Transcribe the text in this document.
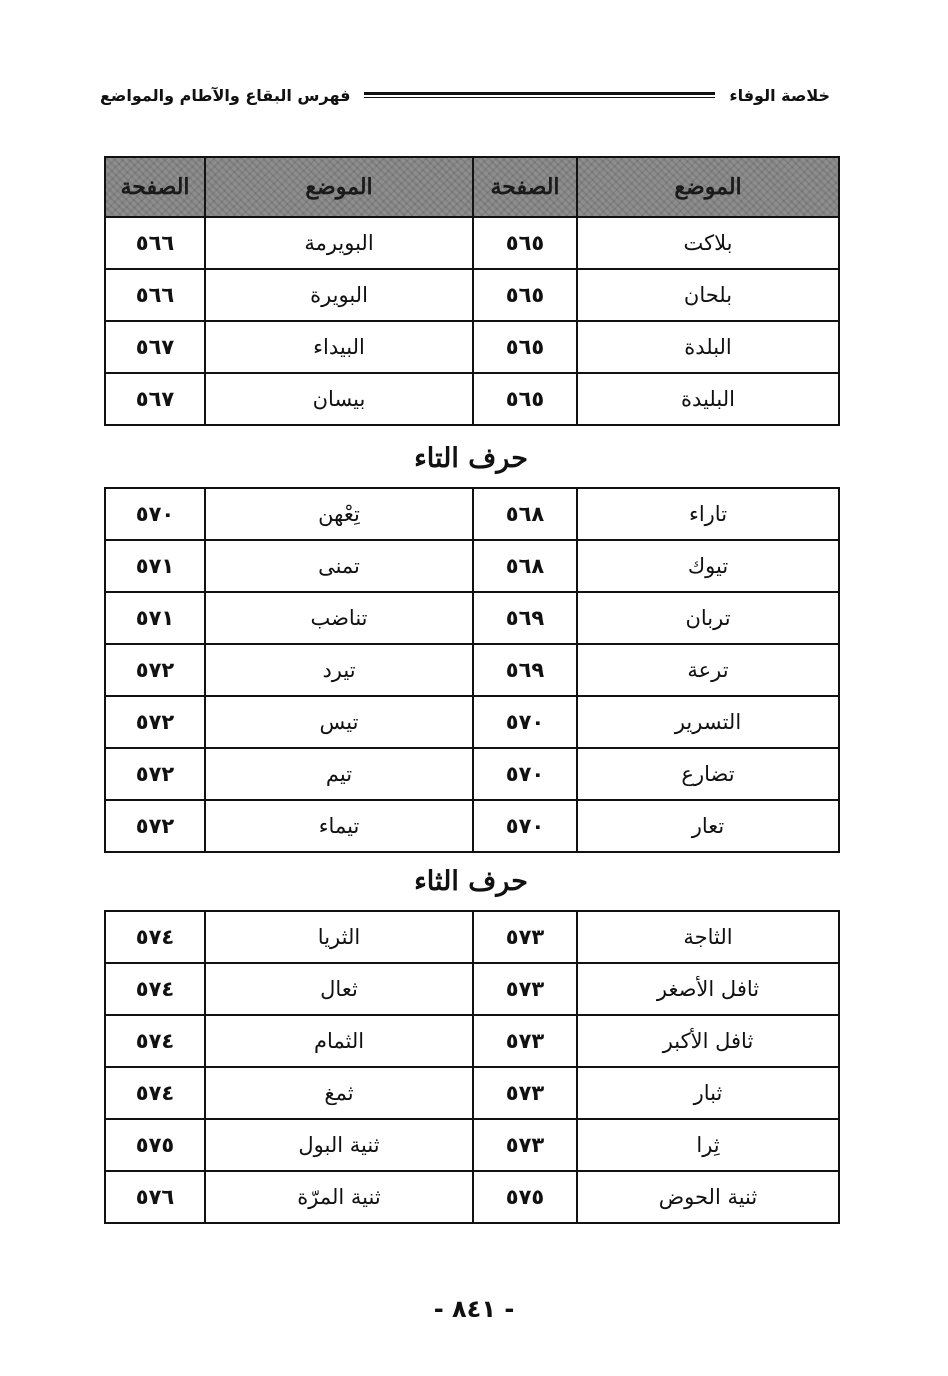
خلاصة الوفاء
فهرس البقاع والآطام والمواضع
الموضع	الصفحة	الموضع	الصفحة
بلاكت	٥٦٥	البويرمة	٥٦٦
بلحان	٥٦٥	البويرة	٥٦٦
البلدة	٥٦٥	البيداء	٥٦٧
البليدة	٥٦٥	بيسان	٥٦٧
حرف التاء
تاراء	٥٦٨	تِعْهن	٥٧٠
تيوك	٥٦٨	تمنى	٥٧١
تربان	٥٦٩	تناضب	٥٧١
ترعة	٥٦٩	تيرد	٥٧٢
التسرير	٥٧٠	تيس	٥٧٢
تضارع	٥٧٠	تيم	٥٧٢
تعار	٥٧٠	تيماء	٥٧٢
حرف الثاء
الثاجة	٥٧٣	الثريا	٥٧٤
ثافل الأصغر	٥٧٣	ثعال	٥٧٤
ثافل الأكبر	٥٧٣	الثمام	٥٧٤
ثبار	٥٧٣	ثمغ	٥٧٤
ثِرا	٥٧٣	ثنية البول	٥٧٥
ثنية الحوض	٥٧٥	ثنية المرّة	٥٧٦
- ٨٤١ -
